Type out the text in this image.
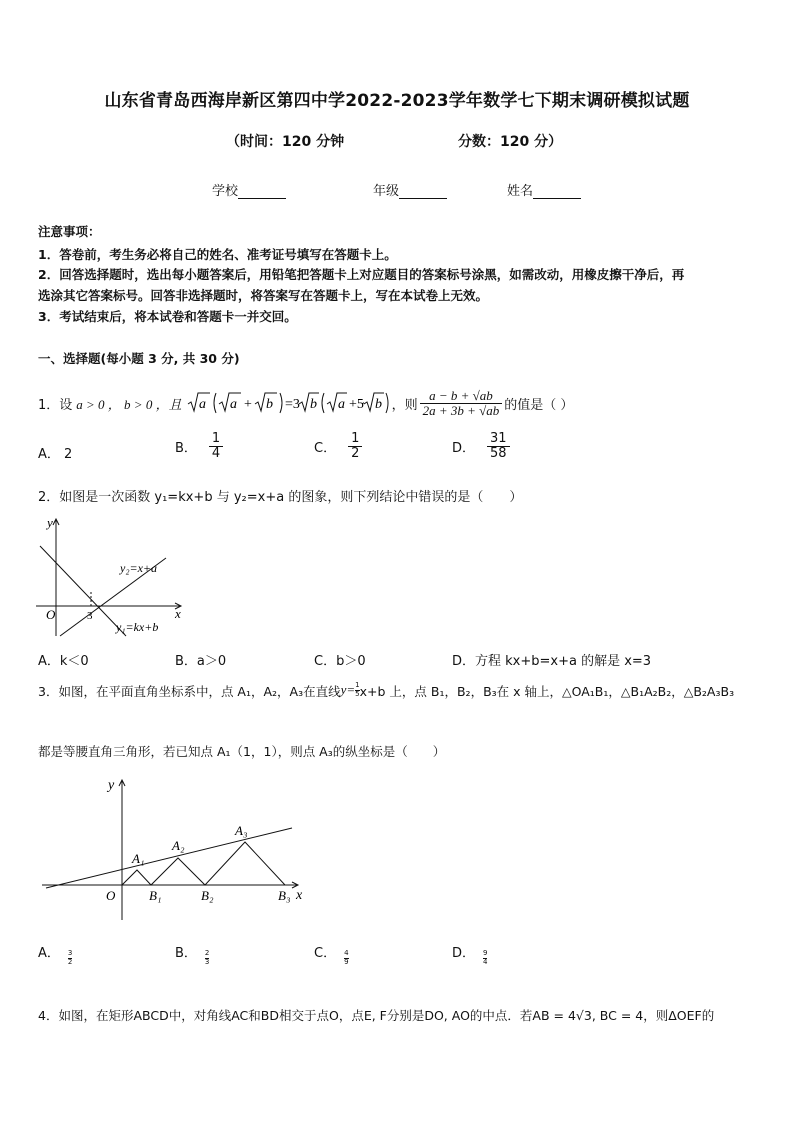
山东省青岛西海岸新区第四中学2022-2023学年数学七下期末调研模拟试题
（时间：120 分钟	分数：120 分）
学校	年级	姓名
注意事项：
1．答卷前，考生务必将自己的姓名、准考证号填写在答题卡上。
2．回答选择题时，选出每小题答案后，用铅笔把答题卡上对应题目的答案标号涂黑，如需改动，用橡皮擦干净后，再
选涂其它答案标号。回答非选择题时，将答案写在答题卡上，写在本试卷上无效。
3．考试结束后，将本试卷和答题卡一并交回。
一、选择题(每小题 3 分, 共 30 分)
1．设 a > 0 ， b > 0 ，且 a a + b =3 b a +5 b ，则 $\frac{a - b + √ab}{2a + 3b + √ab}$ 的值是（ ）
A． 2	B． $\frac{1}{4}$	C． $\frac{1}{2}$	D． $\frac{31}{58}$
2．如图是一次函数 y₁=kx+b 与 y₂=x+a 的图象，则下列结论中错误的是（　　）
y
x
O	3
y₂=x+a
y₁=kx+b
A．k＜0	B．a＞0	C．b＞0	D．方程 kx+b=x+a 的解是 x=3
3．如图，在平面直角坐标系中，点 A₁，A₂，A₃在直线 $y= \frac{1}{5} x+b$ 上，点 B₁，B₂，B₃在 x 轴上，△OA₁B₁，△B₁A₂B₂，△B₂A₃B₃
都是等腰直角三角形，若已知点 A₁（1，1），则点 A₃的纵坐标是（　　）
y
x
O
A₁
A₂
A₃
B₁	B₂	B₃
A． 3
2
B． 2
3
C． 4
9
D． 9
4
4．如图，在矩形ABCD中，对角线AC和BD相交于点O，点E, F分别是DO, AO的中点．若AB = 4√3, BC = 4，则ΔOEF的
